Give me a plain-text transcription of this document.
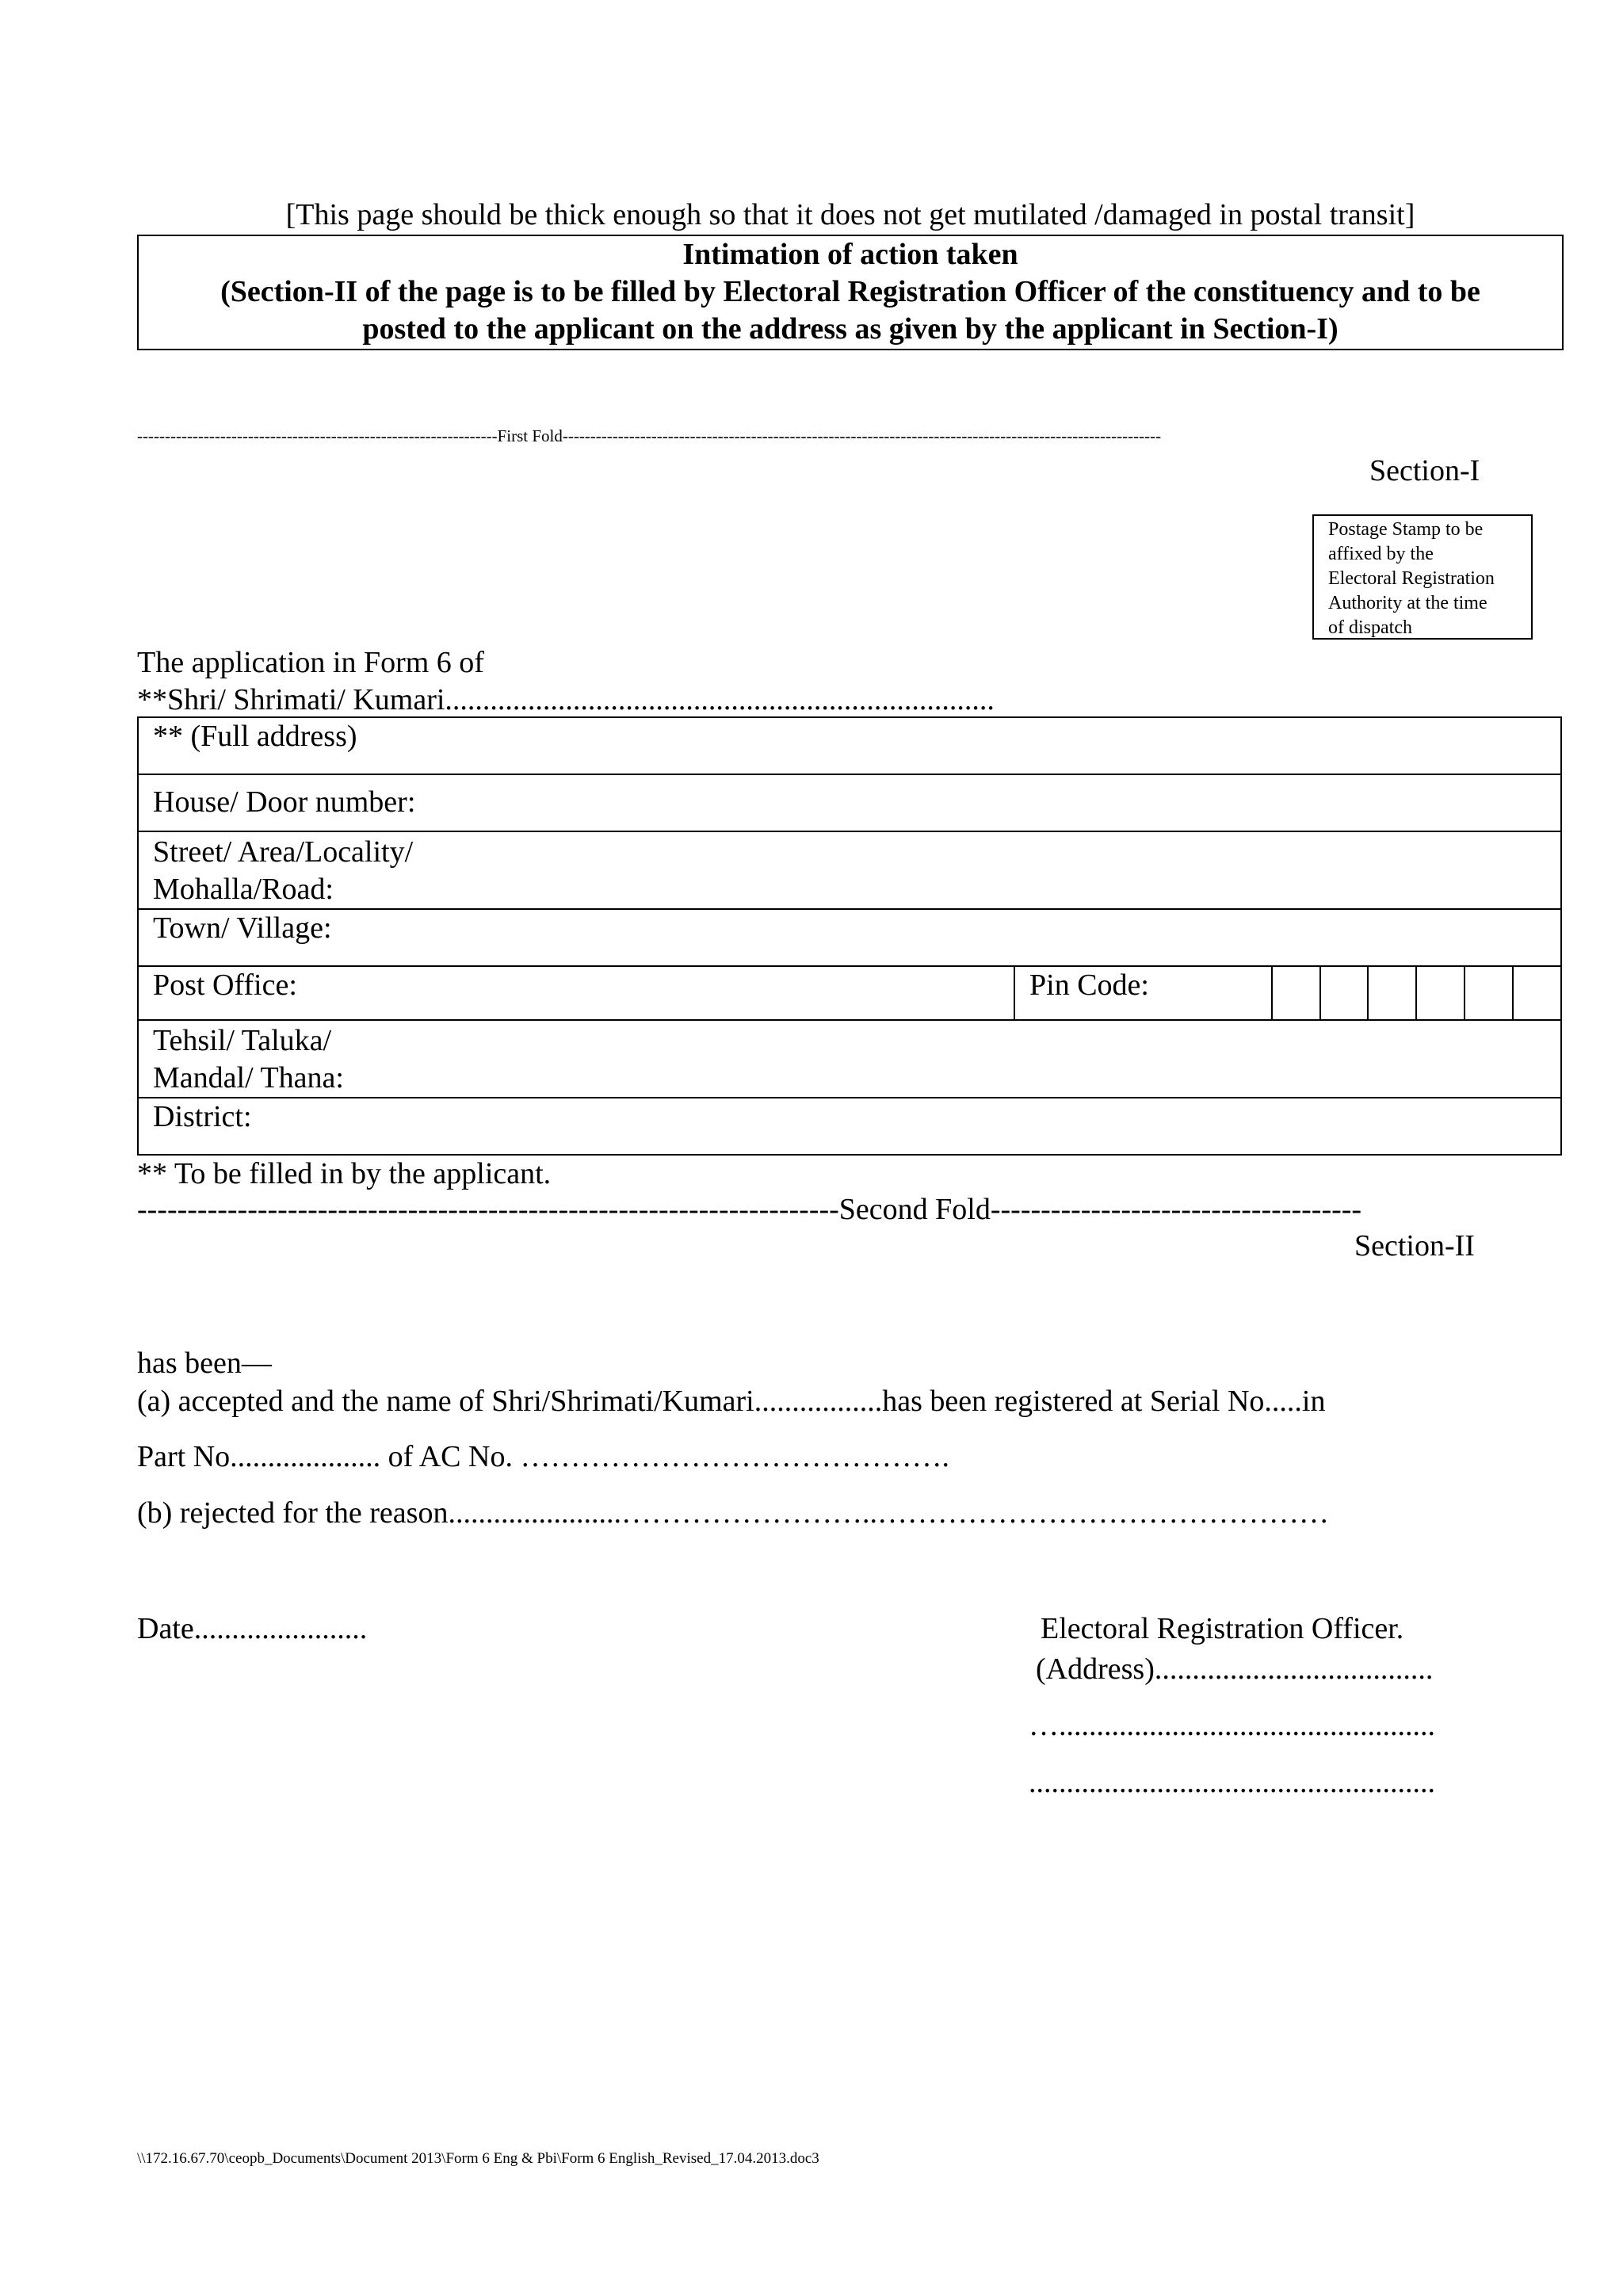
[This page should be thick enough so that it does not get mutilated /damaged in postal transit]
Intimation of action taken
(Section-II of the page is to be filled by Electoral Registration Officer of the constituency and to be
posted to the applicant on the address as given by the applicant in Section-I)
-----------------------------------------------------------------First Fold------------------------------------------------------------------------------------------------------------
Section-I
Postage Stamp to be
affixed by the
Electoral Registration
Authority at the time
of dispatch
The application in Form 6 of
**Shri/ Shrimati/ Kumari.........................................................................
** (Full address)
House/ Door number:

Street/ Area/Locality/
Mohalla/Road:

Town/ Village:
Post Office:	Pin Code:						

Tehsil/ Taluka/
Mandal/ Thana:

District:
** To be filled in by the applicant.
----------------------------------------------------------------------Second Fold-------------------------------------
Section-II
has been—
(a) accepted and the name of Shri/Shrimati/Kumari.................has been registered at Serial No.....in
Part No.................... of AC No. …………………………………….
(b) rejected for the reason.......................……………………..………………………………………
Date.......................	Electoral Registration Officer.
(Address).....................................
…..................................................
......................................................
\\172.16.67.70\ceopb_Documents\Document 2013\Form 6 Eng & Pbi\Form 6 English_Revised_17.04.2013.doc3
